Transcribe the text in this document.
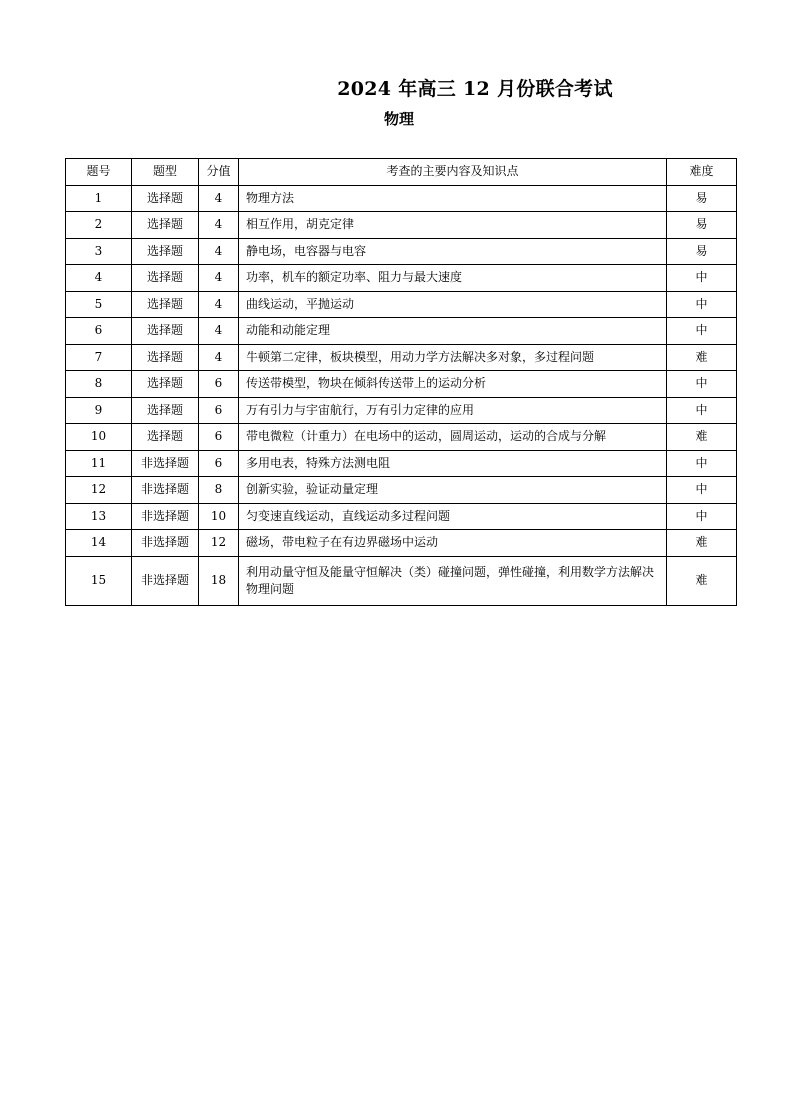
2024 年高三 12 月份联合考试
物理
题号	题型	分值	考查的主要内容及知识点	难度
1	选择题	4	物理方法	易
2	选择题	4	相互作用，胡克定律	易
3	选择题	4	静电场，电容器与电容	易
4	选择题	4	功率，机车的额定功率、阻力与最大速度	中
5	选择题	4	曲线运动，平抛运动	中
6	选择题	4	动能和动能定理	中
7	选择题	4	牛顿第二定律，板块模型，用动力学方法解决多对象，多过程问题	难
8	选择题	6	传送带模型，物块在倾斜传送带上的运动分析	中
9	选择题	6	万有引力与宇宙航行，万有引力定律的应用	中
10	选择题	6	带电微粒（计重力）在电场中的运动，圆周运动，运动的合成与分解	难
11	非选择题	6	多用电表，特殊方法测电阻	中
12	非选择题	8	创新实验，验证动量定理	中
13	非选择题	10	匀变速直线运动，直线运动多过程问题	中
14	非选择题	12	磁场，带电粒子在有边界磁场中运动	难
15	非选择题	18	利用动量守恒及能量守恒解决（类）碰撞问题，弹性碰撞，利用数学方法解决物理问题	难
